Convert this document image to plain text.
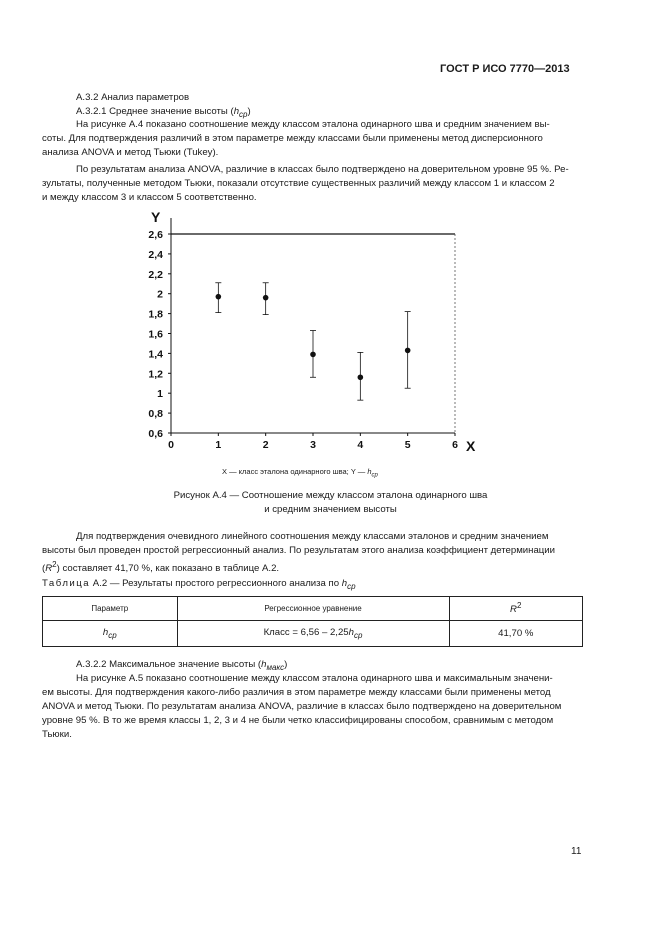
ГОСТ Р ИСО 7770—2013
А.3.2 Анализ параметров
А.3.2.1 Среднее значение высоты $(h_{cp})$
На рисунке А.4 показано соотношение между классом эталона одинарного шва и средним значением вы-
соты. Для подтверждения различий в этом параметре между классами были применены метод дисперсионного
анализа ANOVA и метод Тьюки (Tukey).
По результатам анализа ANOVA, различие в классах было подтверждено на доверительном уровне 95 %. Ре-
зультаты, полученные методом Тьюки, показали отсутствие существенных различий между классом 1 и классом 2
и между классом 3 и классом 5 соответственно.
0,6
0,8
1
1,2
1,4
1,6
1,8
2
2,2
2,4
2,6
0	1	2	3	4	5	6
Y
X
X — класс эталона одинарного шва; Y — $h_{cp}$
Рисунок А.4 — Соотношение между классом эталона одинарного шва
и средним значением высоты
Для подтверждения очевидного линейного соотношения между классами эталонов и средним значением
высоты был проведен простой регрессионный анализ. По результатам этого анализа коэффициент детерминации
$(R^2)$ составляет 41,70 %, как показано в таблице А.2.
Таблица А.2 — Результаты простого регрессионного анализа по $h_{cp}$
Параметр	Регрессионное уравнение	$R^2$
$h_{cp}$	Класс = $6,56 - 2,25h_{cp}$	41,70 %
А.3.2.2 Максимальное значение высоты $(h_{макс})$
На рисунке А.5 показано соотношение между классом эталона одинарного шва и максимальным значени-
ем высоты. Для подтверждения какого-либо различия в этом параметре между классами были применены метод
ANOVA и метод Тьюки. По результатам анализа ANOVA, различие в классах было подтверждено на доверительном
уровне 95 %. В то же время классы 1, 2, 3 и 4 не были четко классифицированы способом, сравнимым с методом
Тьюки.
11
